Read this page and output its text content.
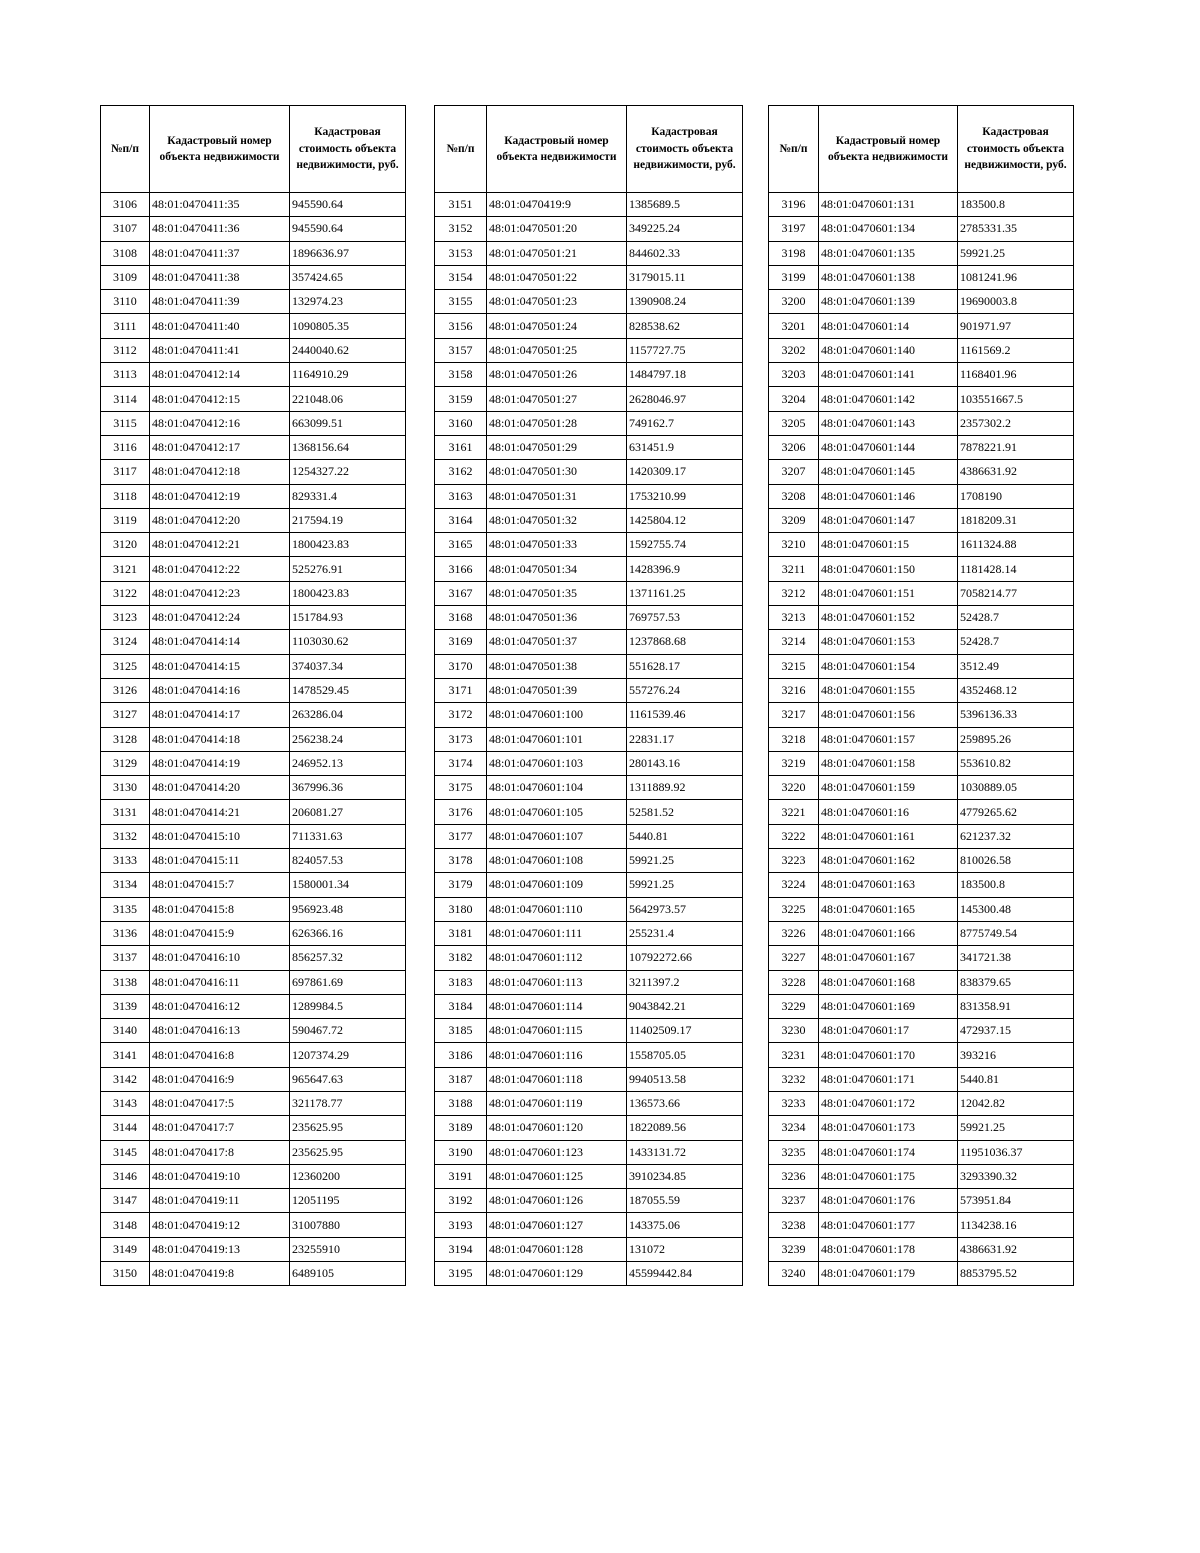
№п/п	Кадастровый номер объекта недвижимости	Кадастровая стоимость объекта недвижимости, руб.
3106	48:01:0470411:35	945590.64
3107	48:01:0470411:36	945590.64
3108	48:01:0470411:37	1896636.97
3109	48:01:0470411:38	357424.65
3110	48:01:0470411:39	132974.23
3111	48:01:0470411:40	1090805.35
3112	48:01:0470411:41	2440040.62
3113	48:01:0470412:14	1164910.29
3114	48:01:0470412:15	221048.06
3115	48:01:0470412:16	663099.51
3116	48:01:0470412:17	1368156.64
3117	48:01:0470412:18	1254327.22
3118	48:01:0470412:19	829331.4
3119	48:01:0470412:20	217594.19
3120	48:01:0470412:21	1800423.83
3121	48:01:0470412:22	525276.91
3122	48:01:0470412:23	1800423.83
3123	48:01:0470412:24	151784.93
3124	48:01:0470414:14	1103030.62
3125	48:01:0470414:15	374037.34
3126	48:01:0470414:16	1478529.45
3127	48:01:0470414:17	263286.04
3128	48:01:0470414:18	256238.24
3129	48:01:0470414:19	246952.13
3130	48:01:0470414:20	367996.36
3131	48:01:0470414:21	206081.27
3132	48:01:0470415:10	711331.63
3133	48:01:0470415:11	824057.53
3134	48:01:0470415:7	1580001.34
3135	48:01:0470415:8	956923.48
3136	48:01:0470415:9	626366.16
3137	48:01:0470416:10	856257.32
3138	48:01:0470416:11	697861.69
3139	48:01:0470416:12	1289984.5
3140	48:01:0470416:13	590467.72
3141	48:01:0470416:8	1207374.29
3142	48:01:0470416:9	965647.63
3143	48:01:0470417:5	321178.77
3144	48:01:0470417:7	235625.95
3145	48:01:0470417:8	235625.95
3146	48:01:0470419:10	12360200
3147	48:01:0470419:11	12051195
3148	48:01:0470419:12	31007880
3149	48:01:0470419:13	23255910
3150	48:01:0470419:8	6489105
№п/п	Кадастровый номер объекта недвижимости	Кадастровая стоимость объекта недвижимости, руб.
3151	48:01:0470419:9	1385689.5
3152	48:01:0470501:20	349225.24
3153	48:01:0470501:21	844602.33
3154	48:01:0470501:22	3179015.11
3155	48:01:0470501:23	1390908.24
3156	48:01:0470501:24	828538.62
3157	48:01:0470501:25	1157727.75
3158	48:01:0470501:26	1484797.18
3159	48:01:0470501:27	2628046.97
3160	48:01:0470501:28	749162.7
3161	48:01:0470501:29	631451.9
3162	48:01:0470501:30	1420309.17
3163	48:01:0470501:31	1753210.99
3164	48:01:0470501:32	1425804.12
3165	48:01:0470501:33	1592755.74
3166	48:01:0470501:34	1428396.9
3167	48:01:0470501:35	1371161.25
3168	48:01:0470501:36	769757.53
3169	48:01:0470501:37	1237868.68
3170	48:01:0470501:38	551628.17
3171	48:01:0470501:39	557276.24
3172	48:01:0470601:100	1161539.46
3173	48:01:0470601:101	22831.17
3174	48:01:0470601:103	280143.16
3175	48:01:0470601:104	1311889.92
3176	48:01:0470601:105	52581.52
3177	48:01:0470601:107	5440.81
3178	48:01:0470601:108	59921.25
3179	48:01:0470601:109	59921.25
3180	48:01:0470601:110	5642973.57
3181	48:01:0470601:111	255231.4
3182	48:01:0470601:112	10792272.66
3183	48:01:0470601:113	3211397.2
3184	48:01:0470601:114	9043842.21
3185	48:01:0470601:115	11402509.17
3186	48:01:0470601:116	1558705.05
3187	48:01:0470601:118	9940513.58
3188	48:01:0470601:119	136573.66
3189	48:01:0470601:120	1822089.56
3190	48:01:0470601:123	1433131.72
3191	48:01:0470601:125	3910234.85
3192	48:01:0470601:126	187055.59
3193	48:01:0470601:127	143375.06
3194	48:01:0470601:128	131072
3195	48:01:0470601:129	45599442.84
№п/п	Кадастровый номер объекта недвижимости	Кадастровая стоимость объекта недвижимости, руб.
3196	48:01:0470601:131	183500.8
3197	48:01:0470601:134	2785331.35
3198	48:01:0470601:135	59921.25
3199	48:01:0470601:138	1081241.96
3200	48:01:0470601:139	19690003.8
3201	48:01:0470601:14	901971.97
3202	48:01:0470601:140	1161569.2
3203	48:01:0470601:141	1168401.96
3204	48:01:0470601:142	103551667.5
3205	48:01:0470601:143	2357302.2
3206	48:01:0470601:144	7878221.91
3207	48:01:0470601:145	4386631.92
3208	48:01:0470601:146	1708190
3209	48:01:0470601:147	1818209.31
3210	48:01:0470601:15	1611324.88
3211	48:01:0470601:150	1181428.14
3212	48:01:0470601:151	7058214.77
3213	48:01:0470601:152	52428.7
3214	48:01:0470601:153	52428.7
3215	48:01:0470601:154	3512.49
3216	48:01:0470601:155	4352468.12
3217	48:01:0470601:156	5396136.33
3218	48:01:0470601:157	259895.26
3219	48:01:0470601:158	553610.82
3220	48:01:0470601:159	1030889.05
3221	48:01:0470601:16	4779265.62
3222	48:01:0470601:161	621237.32
3223	48:01:0470601:162	810026.58
3224	48:01:0470601:163	183500.8
3225	48:01:0470601:165	145300.48
3226	48:01:0470601:166	8775749.54
3227	48:01:0470601:167	341721.38
3228	48:01:0470601:168	838379.65
3229	48:01:0470601:169	831358.91
3230	48:01:0470601:17	472937.15
3231	48:01:0470601:170	393216
3232	48:01:0470601:171	5440.81
3233	48:01:0470601:172	12042.82
3234	48:01:0470601:173	59921.25
3235	48:01:0470601:174	11951036.37
3236	48:01:0470601:175	3293390.32
3237	48:01:0470601:176	573951.84
3238	48:01:0470601:177	1134238.16
3239	48:01:0470601:178	4386631.92
3240	48:01:0470601:179	8853795.52
